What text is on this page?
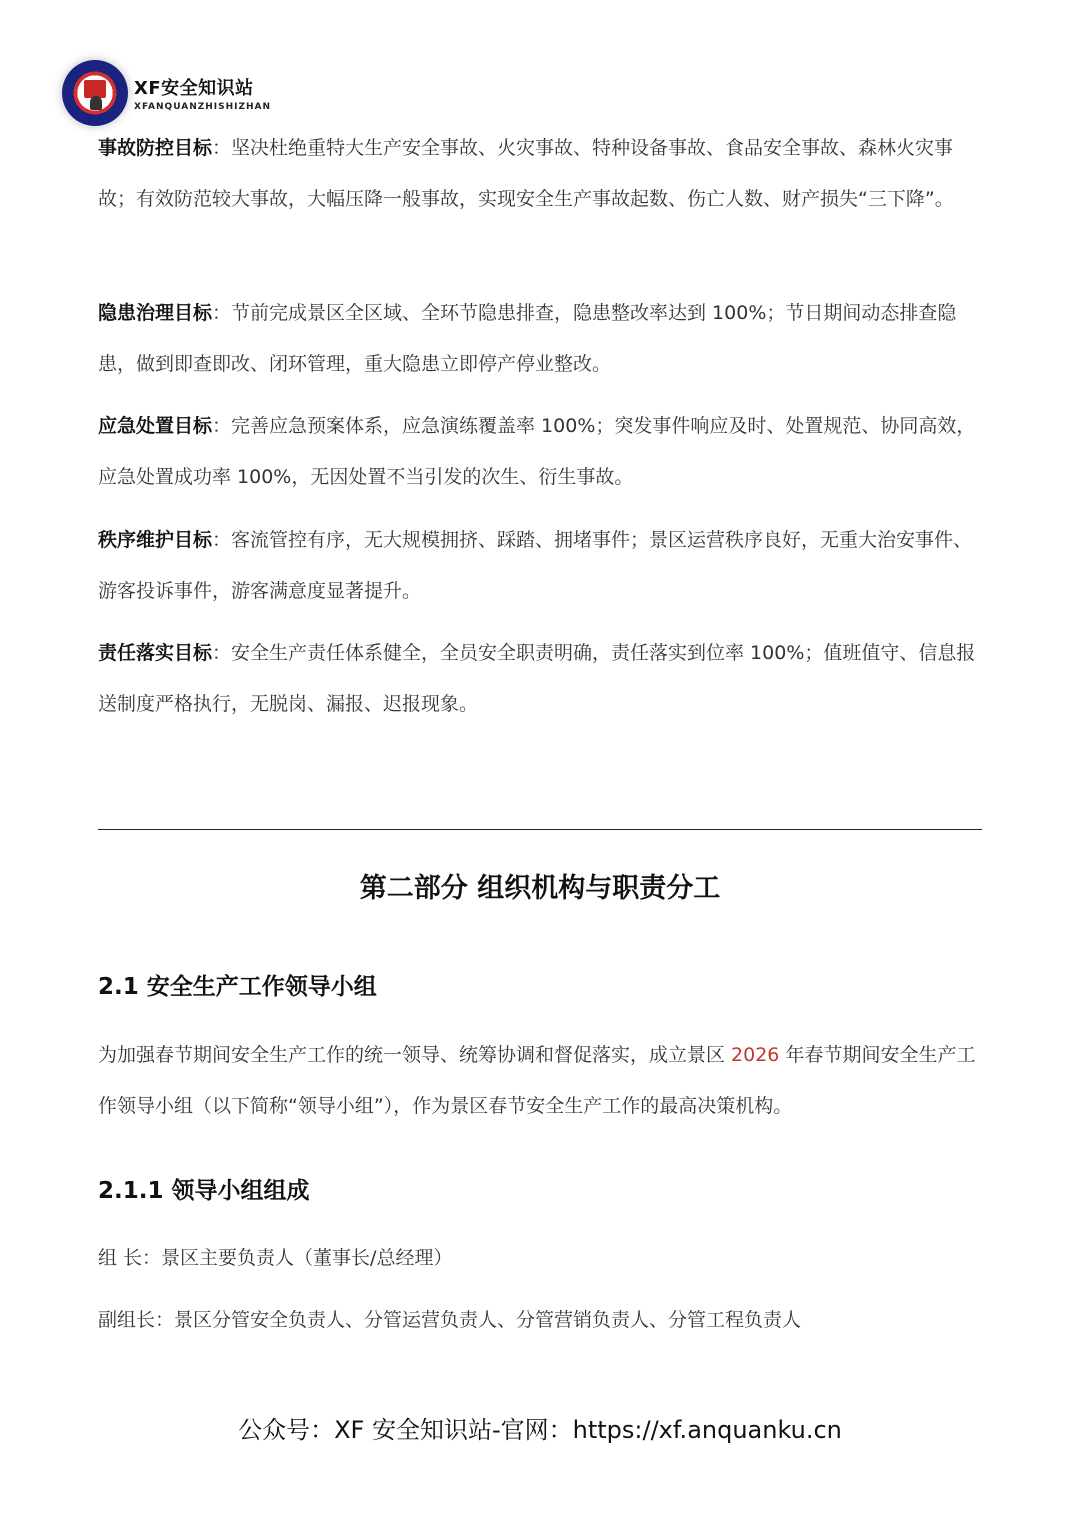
XF安全知识站
XFANQUANZHISHIZHAN

事故防控目标：坚决杜绝重特大生产安全事故、火灾事故、特种设备事故、食品安全事故、森林火灾事故；有效防范较大事故，大幅压降一般事故，实现安全生产事故起数、伤亡人数、财产损失“三下降”。

隐患治理目标：节前完成景区全区域、全环节隐患排查，隐患整改率达到 100%；节日期间动态排查隐患，做到即查即改、闭环管理，重大隐患立即停产停业整改。

应急处置目标：完善应急预案体系，应急演练覆盖率 100%；突发事件响应及时、处置规范、协同高效，应急处置成功率 100%，无因处置不当引发的次生、衍生事故。

秩序维护目标：客流管控有序，无大规模拥挤、踩踏、拥堵事件；景区运营秩序良好，无重大治安事件、游客投诉事件，游客满意度显著提升。

责任落实目标：安全生产责任体系健全，全员安全职责明确，责任落实到位率 100%；值班值守、信息报送制度严格执行，无脱岗、漏报、迟报现象。

第二部分 组织机构与职责分工
2.1 安全生产工作领导小组

为加强春节期间安全生产工作的统一领导、统筹协调和督促落实，成立景区 2026 年春节期间安全生产工作领导小组（以下简称“领导小组”），作为景区春节安全生产工作的最高决策机构。

2.1.1 领导小组组成

组 长：景区主要负责人（董事长/总经理）

副组长：景区分管安全负责人、分管运营负责人、分管营销负责人、分管工程负责人

公众号：XF 安全知识站-官网：https://xf.anquanku.cn
